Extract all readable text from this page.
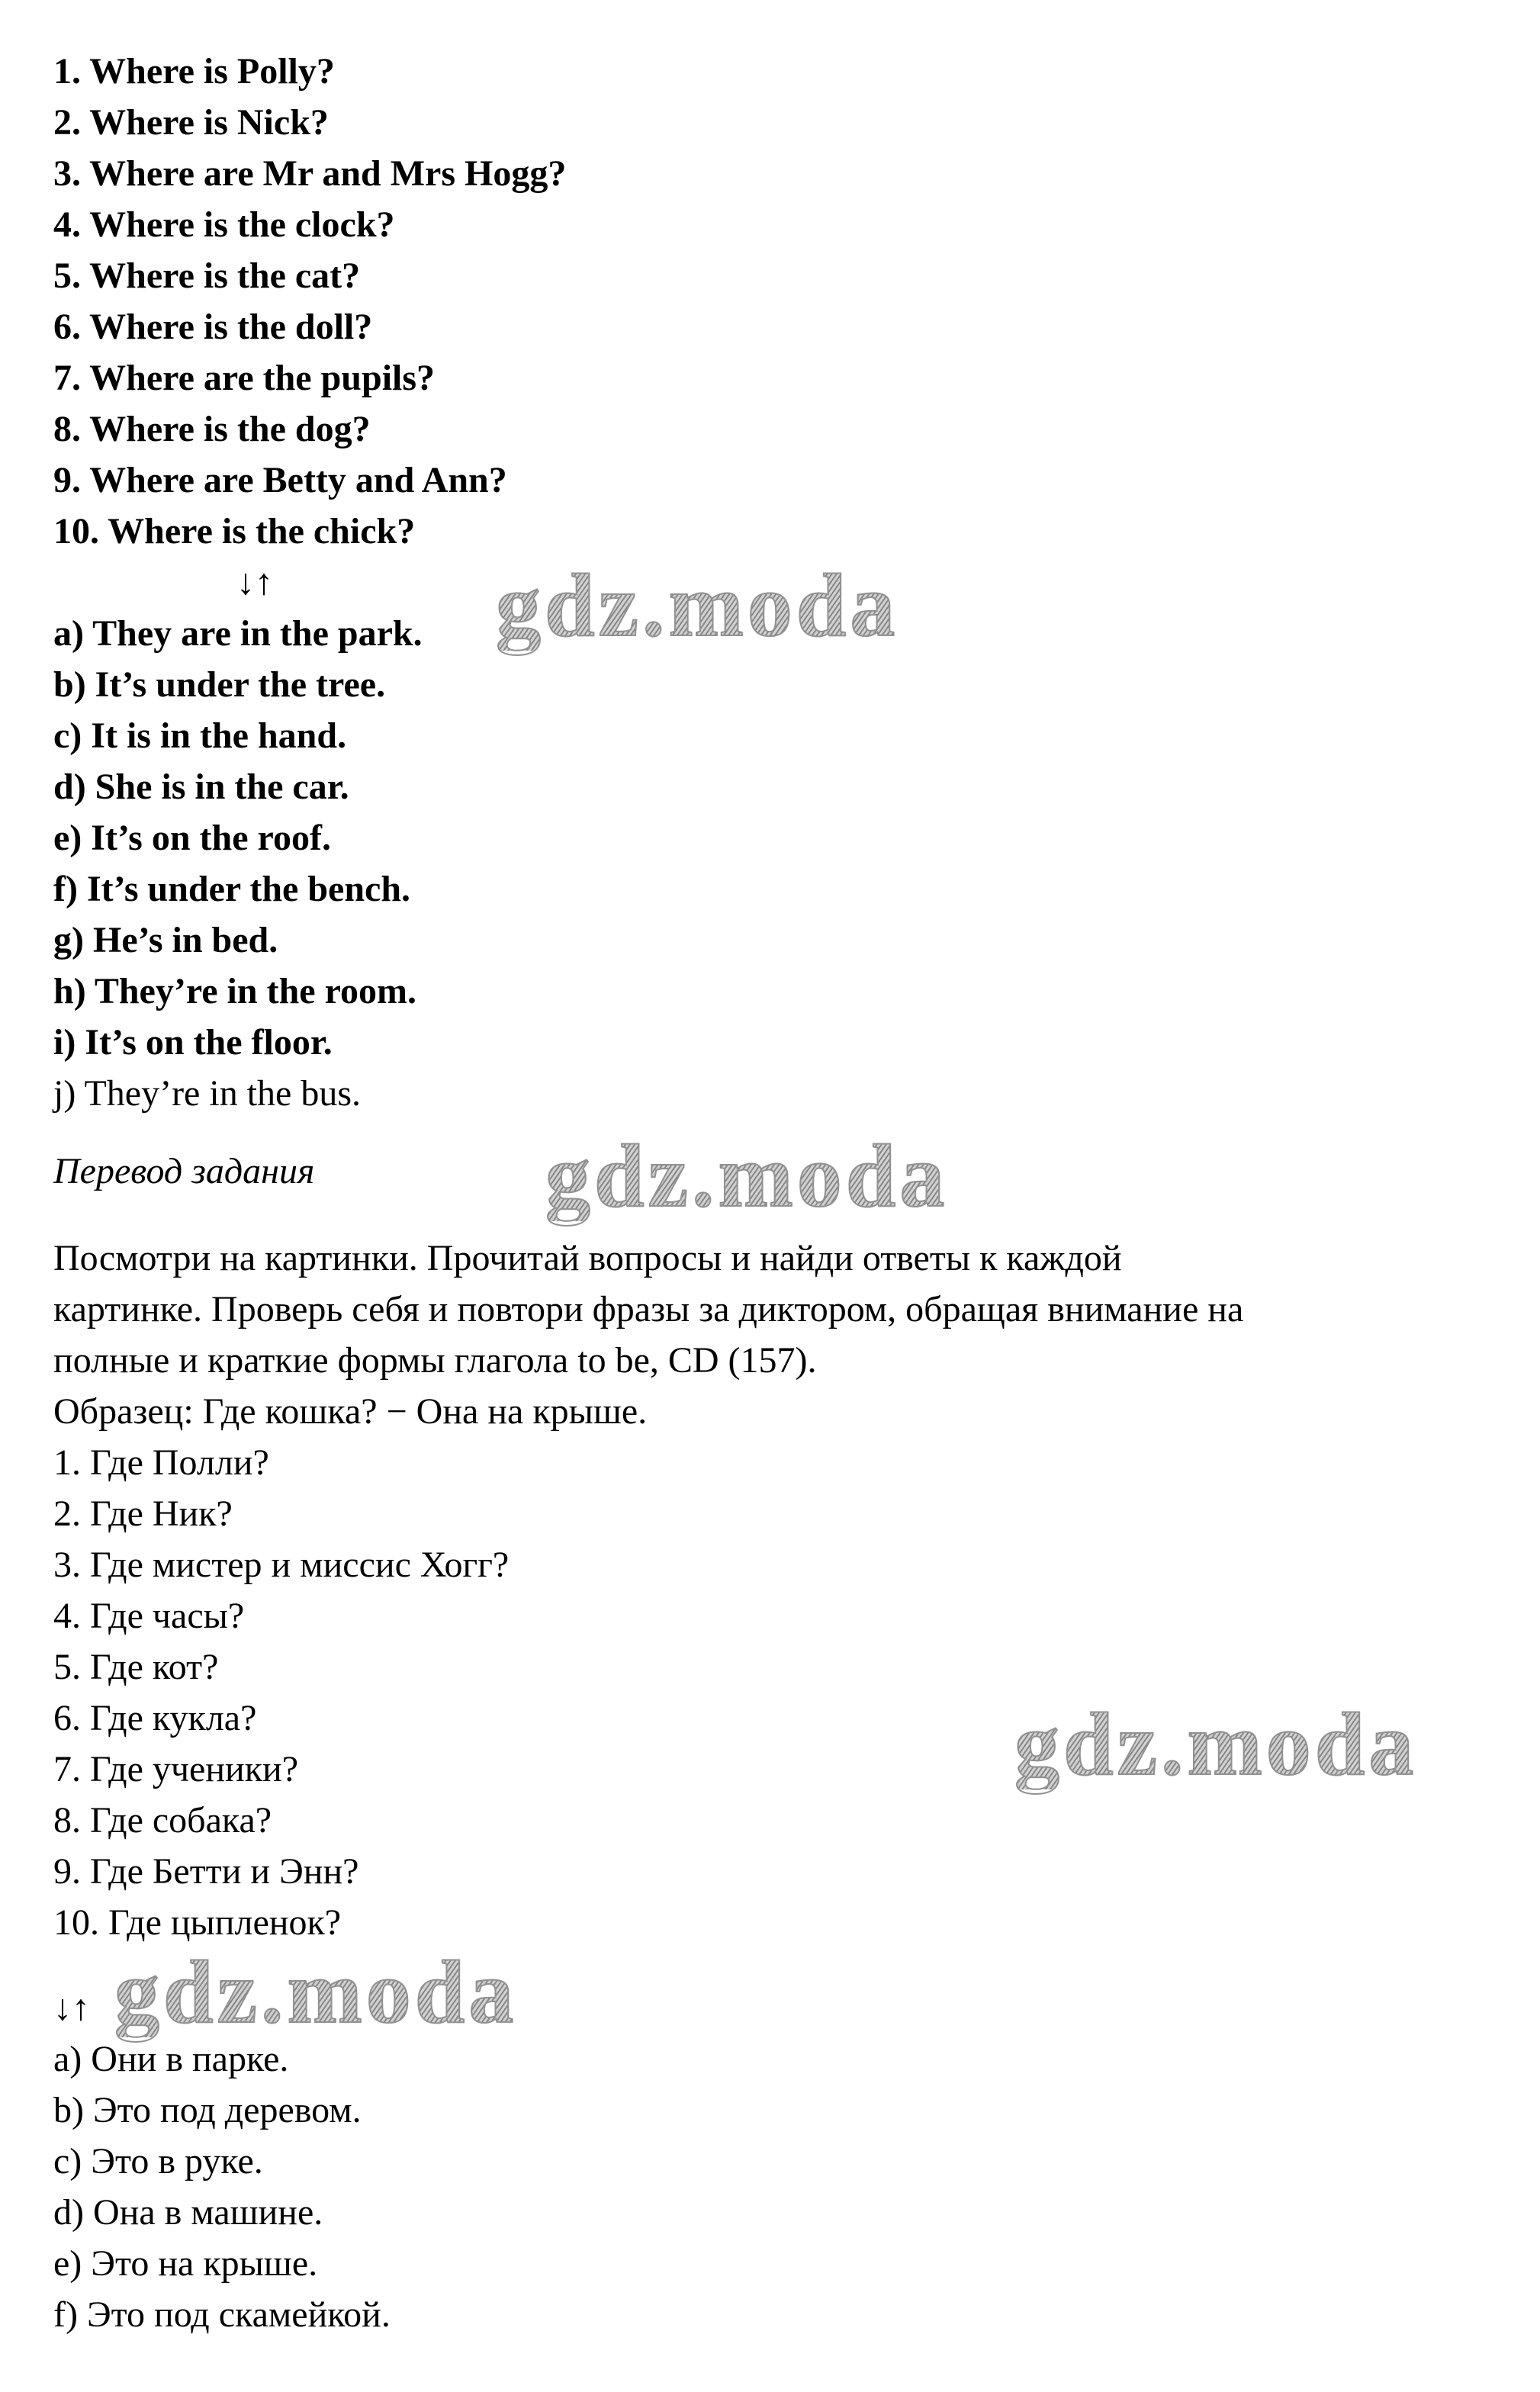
gdz.moda
gdz.moda
gdz.moda
gdz.moda
1. Where is Polly?
2. Where is Nick?
3. Where are Mr and Mrs Hogg?
4. Where is the clock?
5. Where is the cat?
6. Where is the doll?
7. Where are the pupils?
8. Where is the dog?
9. Where are Betty and Ann?
10. Where is the chick?
↓↑
a) They are in the park.
b) It’s under the tree.
c) It is in the hand.
d) She is in the car.
e) It’s on the roof.
f) It’s under the bench.
g) He’s in bed.
h) They’re in the room.
i) It’s on the floor.
j) They’re in the bus.
Перевод задания
Посмотри на картинки. Прочитай вопросы и найди ответы к каждой
картинке. Проверь себя и повтори фразы за диктором, обращая внимание на
полные и краткие формы глагола to be, CD (157).
Образец: Где кошка? − Она на крыше.
1. Где Полли?
2. Где Ник?
3. Где мистер и миссис Хогг?
4. Где часы?
5. Где кот?
6. Где кукла?
7. Где ученики?
8. Где собака?
9. Где Бетти и Энн?
10. Где цыпленок?
↓↑
a) Они в парке.
b) Это под деревом.
c) Это в руке.
d) Она в машине.
e) Это на крыше.
f) Это под скамейкой.
